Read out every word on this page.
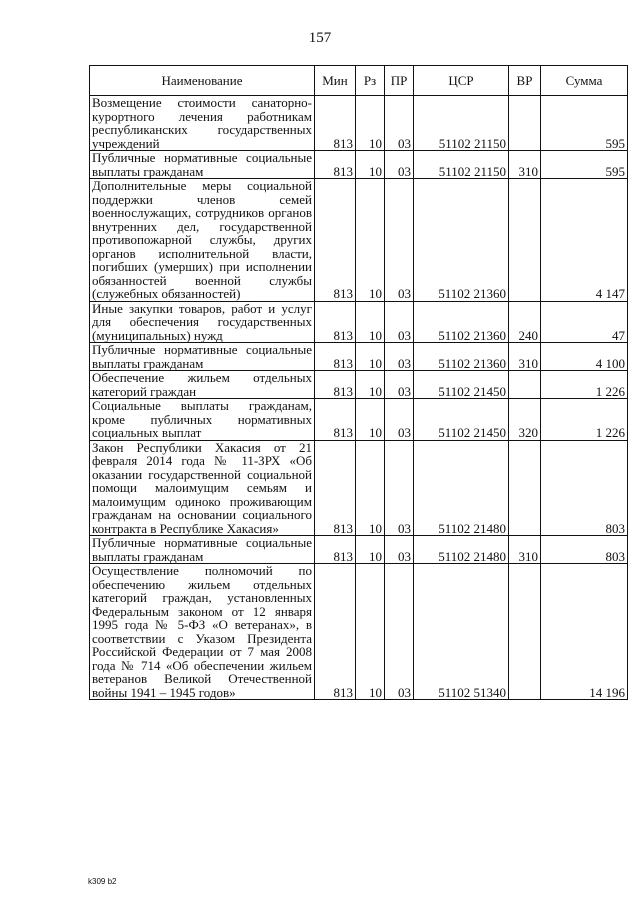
157
Наименование	Мин	Рз	ПР	ЦСР	ВР	Сумма
Возмещение стоимости санаторно-курортного лечения работникам республиканских государственных учреждений	813	10	03	51102 21150		595
Публичные нормативные социальные выплаты гражданам	813	10	03	51102 21150	310	595
Дополнительные меры социальной поддержки членов семей военнослужащих, сотрудников органов внутренних дел, государственной противопожарной службы, других органов исполнительной власти, погибших (умерших) при исполнении обязанностей военной службы (служебных обязанностей)	813	10	03	51102 21360		4 147
Иные закупки товаров, работ и услуг для обеспечения государственных (муниципальных) нужд	813	10	03	51102 21360	240	47
Публичные нормативные социальные выплаты гражданам	813	10	03	51102 21360	310	4 100
Обеспечение жильем отдельных категорий граждан	813	10	03	51102 21450		1 226
Социальные выплаты гражданам, кроме публичных нормативных социальных выплат	813	10	03	51102 21450	320	1 226
Закон Республики Хакасия от 21 февраля 2014 года № 11-ЗРХ «Об оказании государственной социальной помощи малоимущим семьям и малоимущим одиноко проживающим гражданам на основании социального контракта в Республике Хакасия»	813	10	03	51102 21480		803
Публичные нормативные социальные выплаты гражданам	813	10	03	51102 21480	310	803
Осуществление полномочий по обеспечению жильем отдельных категорий граждан, установленных Федеральным законом от 12 января 1995 года № 5-ФЗ «О ветеранах», в соответствии с Указом Президента Российской Федерации от 7 мая 2008 года № 714 «Об обеспечении жильем ветеранов Великой Отечественной войны 1941 – 1945 годов»	813	10	03	51102 51340		14 196
k309 b2
